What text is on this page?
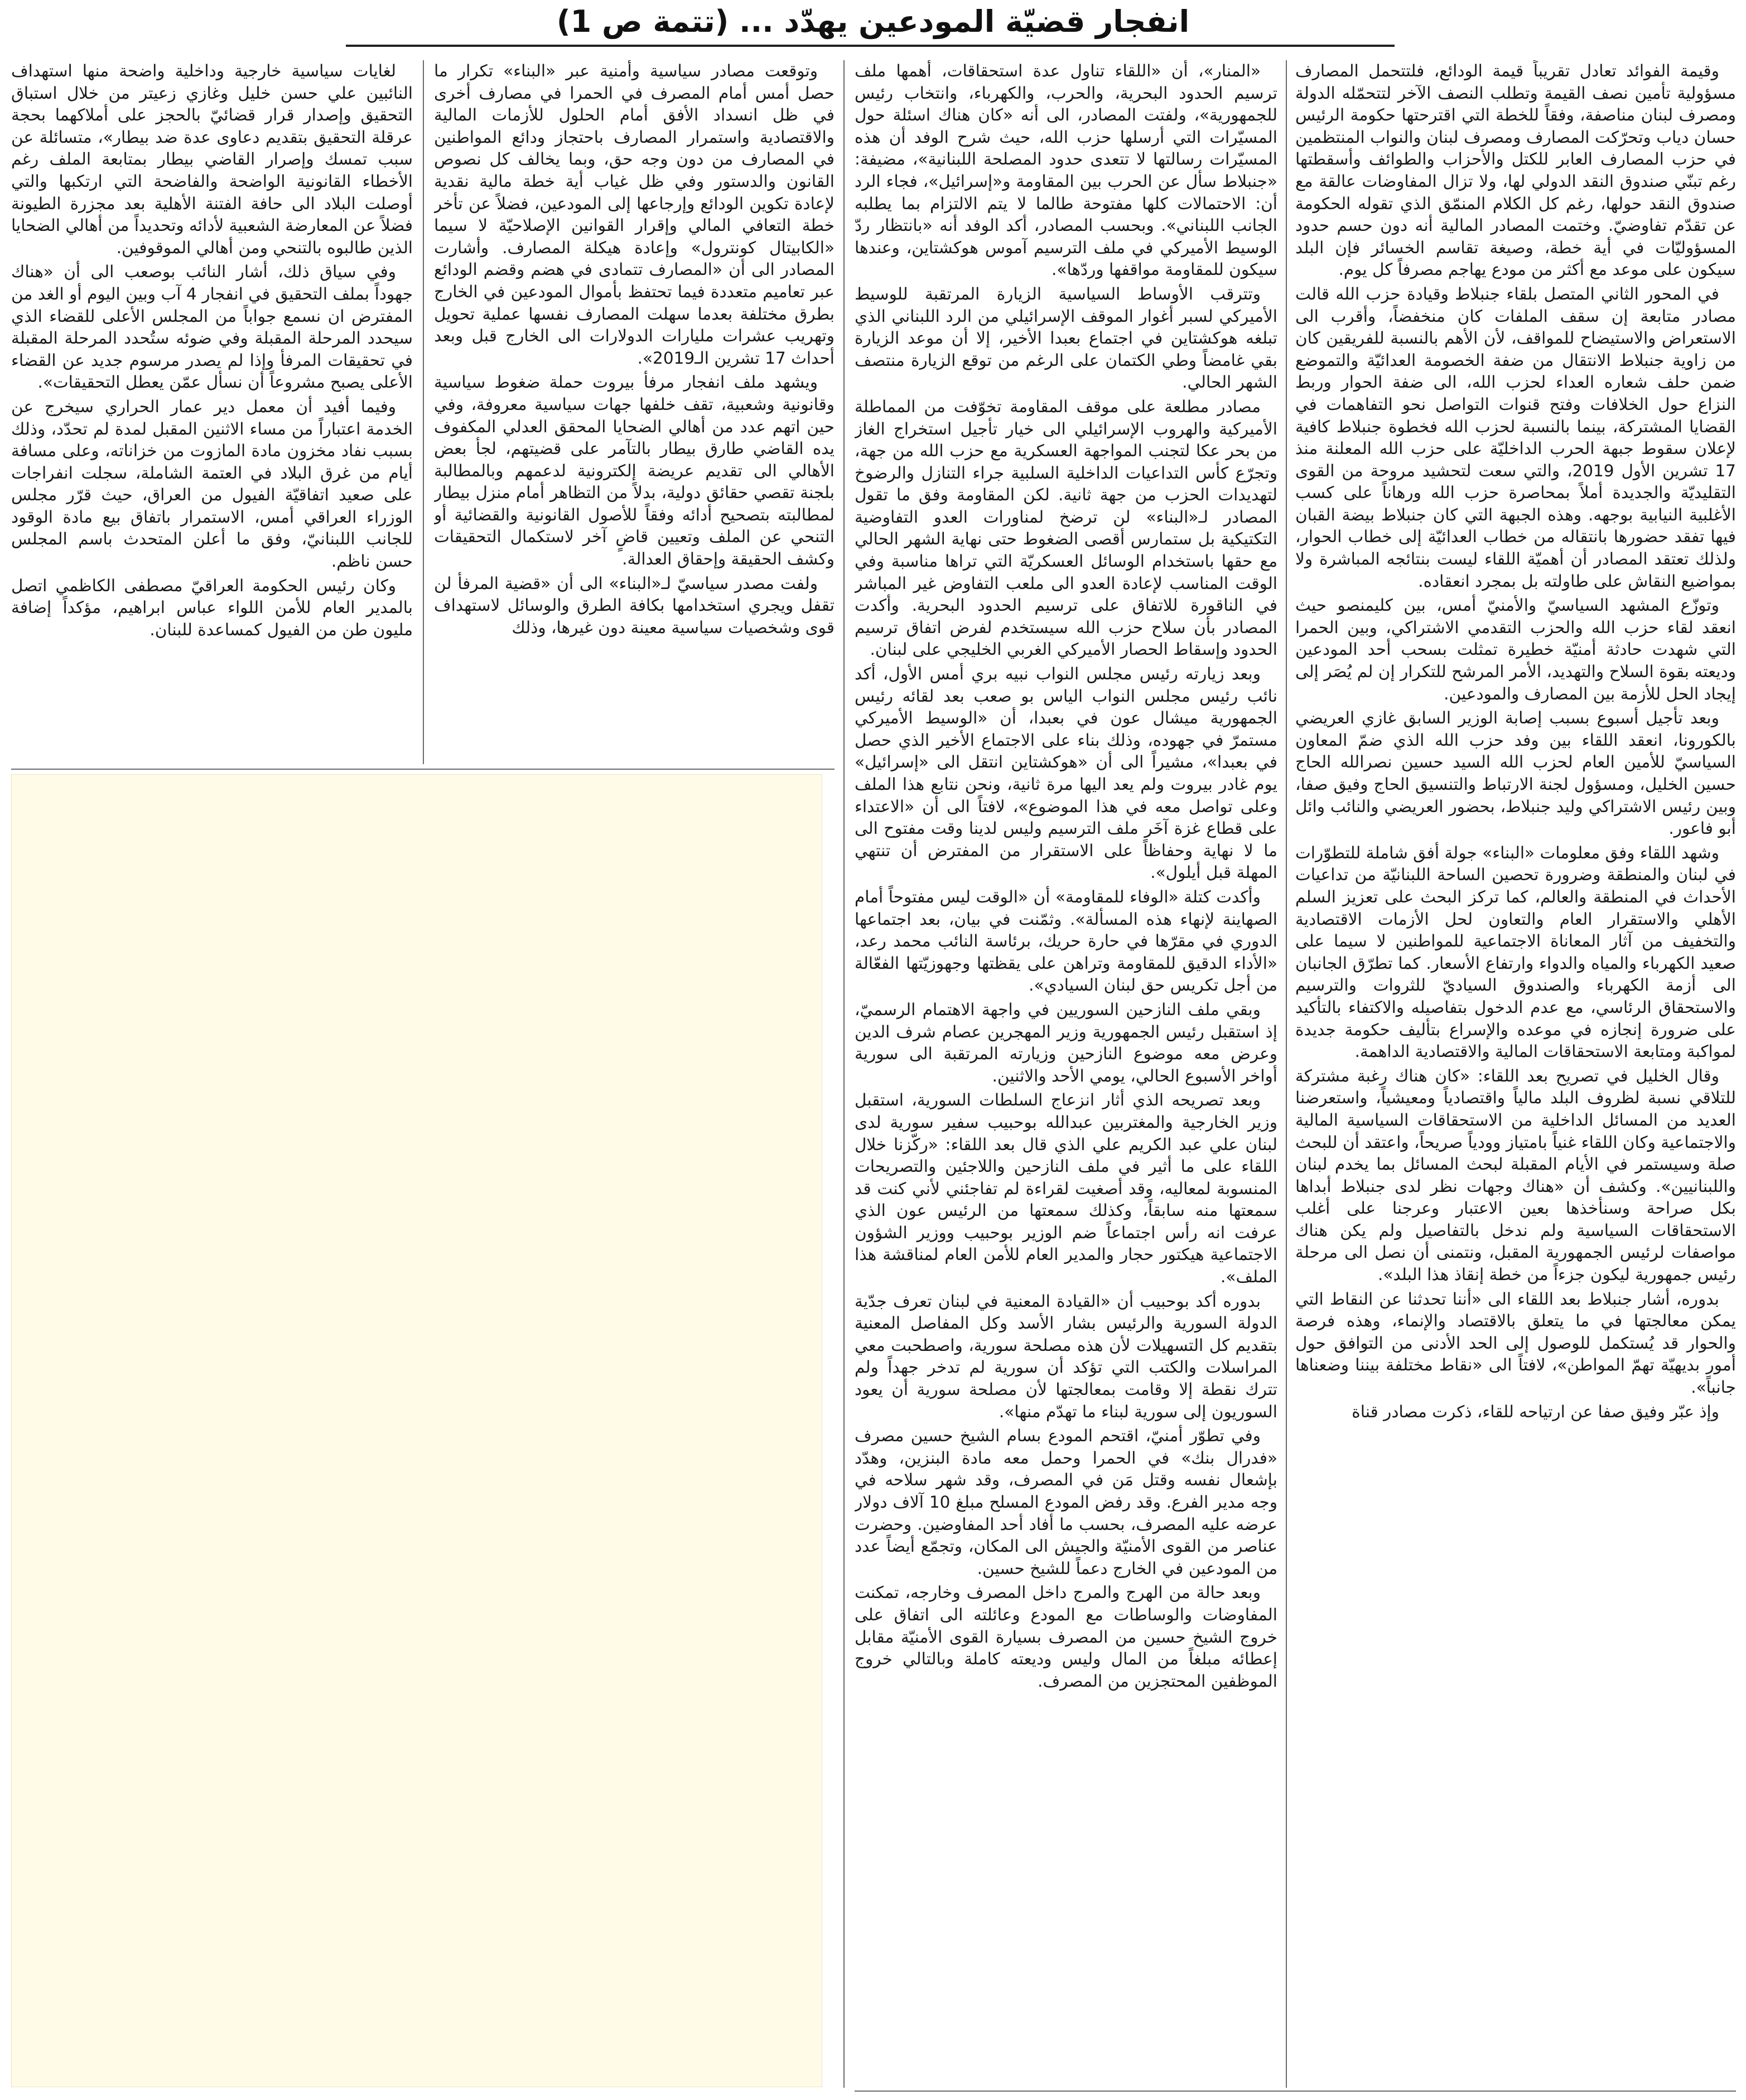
انفجار قضيّة المودعين يهدّد ... (تتمة ص 1)

وقيمة الفوائد تعادل تقريباً قيمة الودائع، فلتتحمل المصارف مسؤولية تأمين نصف القيمة وتطلب النصف الآخر لتتحمّله الدولة ومصرف لبنان مناصفة، وفقاً للخطة التي اقترحتها حكومة الرئيس حسان دياب وتحرّكت المصارف ومصرف لبنان والنواب المنتظمين في حزب المصارف العابر للكتل والأحزاب والطوائف وأسقطتها رغم تبنّي صندوق النقد الدولي لها، ولا تزال المفاوضات عالقة مع صندوق النقد حولها، رغم كل الكلام المنمّق الذي تقوله الحكومة عن تقدّم تفاوضيّ. وختمت المصادر المالية أنه دون حسم حدود المسؤوليّات في أية خطة، وصيغة تقاسم الخسائر فإن البلد سيكون على موعد مع أكثر من مودع يهاجم مصرفاً كل يوم.

في المحور الثاني المتصل بلقاء جنبلاط وقيادة حزب الله قالت مصادر متابعة إن سقف الملفات كان منخفضاً، وأقرب الى الاستعراض والاستيضاح للمواقف، لأن الأهم بالنسبة للفريقين كان من زاوية جنبلاط الانتقال من ضفة الخصومة العدائيّة والتموضع ضمن حلف شعاره العداء لحزب الله، الى ضفة الحوار وربط النزاع حول الخلافات وفتح قنوات التواصل نحو التفاهمات في القضايا المشتركة، بينما بالنسبة لحزب الله فخطوة جنبلاط كافية لإعلان سقوط جبهة الحرب الداخليّة على حزب الله المعلنة منذ 17 تشرين الأول 2019، والتي سعت لتحشيد مروحة من القوى التقليديّة والجديدة أملاً بمحاصرة حزب الله ورهاناً على كسب الأغلبية النيابية بوجهه. وهذه الجبهة التي كان جنبلاط بيضة القبان فيها تفقد حضورها بانتقاله من خطاب العدائيّة إلى خطاب الحوار، ولذلك تعتقد المصادر أن أهميّة اللقاء ليست بنتائجه المباشرة ولا بمواضيع النقاش على طاولته بل بمجرد انعقاده.

وتوزّع المشهد السياسيّ والأمنيّ أمس، بين كليمنصو حيث انعقد لقاء حزب الله والحزب التقدمي الاشتراكي، وبين الحمرا التي شهدت حادثة أمنيّة خطيرة تمثلت بسحب أحد المودعين وديعته بقوة السلاح والتهديد، الأمر المرشح للتكرار إن لم يُصَر إلى إيجاد الحل للأزمة بين المصارف والمودعين.

وبعد تأجيل أسبوع بسبب إصابة الوزير السابق غازي العريضي بالكورونا، انعقد اللقاء بين وفد حزب الله الذي ضمّ المعاون السياسيّ للأمين العام لحزب الله السيد حسين نصرالله الحاج حسين الخليل، ومسؤول لجنة الارتباط والتنسيق الحاج وفيق صفا، وبين رئيس الاشتراكي وليد جنبلاط، بحضور العريضي والنائب وائل أبو فاعور.

وشهد اللقاء وفق معلومات «البناء» جولة أفق شاملة للتطوّرات في لبنان والمنطقة وضرورة تحصين الساحة اللبنانيّة من تداعيات الأحداث في المنطقة والعالم، كما تركز البحث على تعزيز السلم الأهلي والاستقرار العام والتعاون لحل الأزمات الاقتصادية والتخفيف من آثار المعاناة الاجتماعية للمواطنين لا سيما على صعيد الكهرباء والمياه والدواء وارتفاع الأسعار. كما تطرّق الجانبان الى أزمة الكهرباء والصندوق السياديّ للثروات والترسيم والاستحقاق الرئاسي، مع عدم الدخول بتفاصيله والاكتفاء بالتأكيد على ضرورة إنجازه في موعده والإسراع بتأليف حكومة جديدة لمواكبة ومتابعة الاستحقاقات المالية والاقتصادية الداهمة.

وقال الخليل في تصريح بعد اللقاء: «كان هناك رغبة مشتركة للتلاقي نسبة لظروف البلد مالياً واقتصادياً ومعيشياً، واستعرضنا العديد من المسائل الداخلية من الاستحقاقات السياسية المالية والاجتماعية وكان اللقاء غنياً بامتياز وودياً صريحاً، واعتقد أن للبحث صلة وسيستمر في الأيام المقبلة لبحث المسائل بما يخدم لبنان واللبنانيين». وكشف أن «هناك وجهات نظر لدى جنبلاط أبداها بكل صراحة وسنأخذها بعين الاعتبار وعرجنا على أغلب الاستحقاقات السياسية ولم ندخل بالتفاصيل ولم يكن هناك مواصفات لرئيس الجمهورية المقبل، ونتمنى أن نصل الى مرحلة رئيس جمهورية ليكون جزءاً من خطة إنقاذ هذا البلد».

بدوره، أشار جنبلاط بعد اللقاء الى «أننا تحدثنا عن النقاط التي يمكن معالجتها في ما يتعلق بالاقتصاد والإنماء، وهذه فرصة والحوار قد يُستكمل للوصول إلى الحد الأدنى من التوافق حول أمور بديهيّة تهمّ المواطن»، لافتاً الى «نقاط مختلفة بيننا وضعناها جانباً».

وإذ عبّر وفيق صفا عن ارتياحه للقاء، ذكرت مصادر قناة

«المنار»، أن «اللقاء تناول عدة استحقاقات، أهمها ملف ترسيم الحدود البحرية، والحرب، والكهرباء، وانتخاب رئيس للجمهورية»، ولفتت المصادر، الى أنه «كان هناك اسئلة حول المسيّرات التي أرسلها حزب الله، حيث شرح الوفد أن هذه المسيّرات رسالتها لا تتعدى حدود المصلحة اللبنانية»، مضيفة: «جنبلاط سأل عن الحرب بين المقاومة و«إسرائيل»، فجاء الرد أن: الاحتمالات كلها مفتوحة طالما لا يتم الالتزام بما يطلبه الجانب اللبناني». وبحسب المصادر، أكد الوفد أنه «بانتظار ردّ الوسيط الأميركي في ملف الترسيم آموس هوكشتاين، وعندها سيكون للمقاومة مواقفها وردّها».

وتترقب الأوساط السياسية الزيارة المرتقبة للوسيط الأميركي لسبر أغوار الموقف الإسرائيلي من الرد اللبناني الذي تبلغه هوكشتاين في اجتماع بعبدا الأخير، إلا أن موعد الزيارة بقي غامضاً وطي الكتمان على الرغم من توقع الزيارة منتصف الشهر الحالي.

مصادر مطلعة على موقف المقاومة تخوّفت من المماطلة الأميركية والهروب الإسرائيلي الى خيار تأجيل استخراج الغاز من بحر عكا لتجنب المواجهة العسكرية مع حزب الله من جهة، وتجرّع كأس التداعيات الداخلية السلبية جراء التنازل والرضوخ لتهديدات الحزب من جهة ثانية. لكن المقاومة وفق ما تقول المصادر لـ«البناء» لن ترضخ لمناورات العدو التفاوضية التكتيكية بل ستمارس أقصى الضغوط حتى نهاية الشهر الحالي مع حقها باستخدام الوسائل العسكريّة التي تراها مناسبة وفي الوقت المناسب لإعادة العدو الى ملعب التفاوض غير المباشر في الناقورة للاتفاق على ترسيم الحدود البحرية. وأكدت المصادر بأن سلاح حزب الله سيستخدم لفرض اتفاق ترسيم الحدود وإسقاط الحصار الأميركي الغربي الخليجي على لبنان.

وبعد زيارته رئيس مجلس النواب نبيه بري أمس الأول، أكد نائب رئيس مجلس النواب الياس بو صعب بعد لقائه رئيس الجمهورية ميشال عون في بعبدا، أن «الوسيط الأميركي مستمرّ في جهوده، وذلك بناء على الاجتماع الأخير الذي حصل في بعبدا»، مشيراً الى أن «هوكشتاين انتقل الى «إسرائيل» يوم غادر بيروت ولم يعد اليها مرة ثانية، ونحن نتابع هذا الملف وعلى تواصل معه في هذا الموضوع»، لافتاً الى أن «الاعتداء على قطاع غزة آخَر ملف الترسيم وليس لدينا وقت مفتوح الى ما لا نهاية وحفاظاً على الاستقرار من المفترض أن تنتهي المهلة قبل أيلول».

وأكدت كتلة «الوفاء للمقاومة» أن «الوقت ليس مفتوحاً أمام الصهاينة لإنهاء هذه المسألة». وثمّنت في بيان، بعد اجتماعها الدوري في مقرّها في حارة حريك، برئاسة النائب محمد رعد، «الأداء الدقيق للمقاومة وتراهن على يقظتها وجهوزيّتها الفعّالة من أجل تكريس حق لبنان السيادي».

وبقي ملف النازحين السوريين في واجهة الاهتمام الرسميّ، إذ استقبل رئيس الجمهورية وزير المهجرين عصام شرف الدين وعرض معه موضوع النازحين وزيارته المرتقبة الى سورية أواخر الأسبوع الحالي، يومي الأحد والاثنين.

وبعد تصريحه الذي أثار انزعاج السلطات السورية، استقبل وزير الخارجية والمغتربين عبدالله بوحبيب سفير سورية لدى لبنان علي عبد الكريم علي الذي قال بعد اللقاء: «ركّزنا خلال اللقاء على ما أثير في ملف النازحين واللاجئين والتصريحات المنسوبة لمعاليه، وقد أصغيت لقراءة لم تفاجئني لأني كنت قد سمعتها منه سابقاً، وكذلك سمعتها من الرئيس عون الذي عرفت انه رأس اجتماعاً ضم الوزير بوحبيب ووزير الشؤون الاجتماعية هيكتور حجار والمدير العام للأمن العام لمناقشة هذا الملف».

بدوره أكد بوحبيب أن «القيادة المعنية في لبنان تعرف جدّية الدولة السورية والرئيس بشار الأسد وكل المفاصل المعنية بتقديم كل التسهيلات لأن هذه مصلحة سورية، واصطحبت معي المراسلات والكتب التي تؤكد أن سورية لم تدخر جهداً ولم تترك نقطة إلا وقامت بمعالجتها لأن مصلحة سورية أن يعود السوريون إلى سورية لبناء ما تهدّم منها».

وفي تطوّر أمنيّ، اقتحم المودع بسام الشيخ حسين مصرف «فدرال بنك» في الحمرا وحمل معه مادة البنزين، وهدّد بإشعال نفسه وقتل مَن في المصرف، وقد شهر سلاحه في وجه مدير الفرع. وقد رفض المودع المسلح مبلغ 10 آلاف دولار عرضه عليه المصرف، بحسب ما أفاد أحد المفاوضين. وحضرت عناصر من القوى الأمنيّة والجيش الى المكان، وتجمّع أيضاً عدد من المودعين في الخارج دعماً للشيخ حسين.

وبعد حالة من الهرج والمرج داخل المصرف وخارجه، تمكنت المفاوضات والوساطات مع المودع وعائلته الى اتفاق على خروج الشيخ حسين من المصرف بسيارة القوى الأمنيّة مقابل إعطائه مبلغاً من المال وليس وديعته كاملة وبالتالي خروج الموظفين المحتجزين من المصرف.

وتوقعت مصادر سياسية وأمنية عبر «البناء» تكرار ما حصل أمس أمام المصرف في الحمرا في مصارف أخرى في ظل انسداد الأفق أمام الحلول للأزمات المالية والاقتصادية واستمرار المصارف باحتجاز ودائع المواطنين في المصارف من دون وجه حق، وبما يخالف كل نصوص القانون والدستور وفي ظل غياب أية خطة مالية نقدية لإعادة تكوين الودائع وإرجاعها إلى المودعين، فضلاً عن تأخر خطة التعافي المالي وإقرار القوانين الإصلاحيّة لا سيما «الكابيتال كونترول» وإعادة هيكلة المصارف. وأشارت المصادر الى أن «المصارف تتمادى في هضم وقضم الودائع عبر تعاميم متعددة فيما تحتفظ بأموال المودعين في الخارج بطرق مختلفة بعدما سهلت المصارف نفسها عملية تحويل وتهريب عشرات مليارات الدولارات الى الخارج قبل وبعد أحداث 17 تشرين الـ2019».

ويشهد ملف انفجار مرفأ بيروت حملة ضغوط سياسية وقانونية وشعبية، تقف خلفها جهات سياسية معروفة، وفي حين اتهم عدد من أهالي الضحايا المحقق العدلي المكفوف يده القاضي طارق بيطار بالتآمر على قضيتهم، لجأ بعض الأهالي الى تقديم عريضة إلكترونية لدعمهم وبالمطالبة بلجنة تقصي حقائق دولية، بدلاً من التظاهر أمام منزل بيطار لمطالبته بتصحيح أدائه وفقاً للأصول القانونية والقضائية أو التنحي عن الملف وتعيين قاضٍ آخر لاستكمال التحقيقات وكشف الحقيقة وإحقاق العدالة.

ولفت مصدر سياسيّ لـ«البناء» الى أن «قضية المرفأ لن تقفل ويجري استخدامها بكافة الطرق والوسائل لاستهداف قوى وشخصيات سياسية معينة دون غيرها، وذلك

لغايات سياسية خارجية وداخلية واضحة منها استهداف النائبين علي حسن خليل وغازي زعيتر من خلال استباق التحقيق وإصدار قرار قضائيّ بالحجز على أملاكهما بحجة عرقلة التحقيق بتقديم دعاوى عدة ضد بيطار»، متسائلة عن سبب تمسك وإصرار القاضي بيطار بمتابعة الملف رغم الأخطاء القانونية الواضحة والفاضحة التي ارتكبها والتي أوصلت البلاد الى حافة الفتنة الأهلية بعد مجزرة الطيونة فضلاً عن المعارضة الشعبية لأدائه وتحديداً من أهالي الضحايا الذين طالبوه بالتنحي ومن أهالي الموقوفين.

وفي سياق ذلك، أشار النائب بوصعب الى أن «هناك جهوداً بملف التحقيق في انفجار 4 آب وبين اليوم أو الغد من المفترض ان نسمع جواباً من المجلس الأعلى للقضاء الذي سيحدد المرحلة المقبلة وفي ضوئه ستُحدد المرحلة المقبلة في تحقيقات المرفأ وإذا لم يصدر مرسوم جديد عن القضاء الأعلى يصبح مشروعاً أن نسأل عمّن يعطل التحقيقات».

وفيما أفيد أن معمل دير عمار الحراري سيخرج عن الخدمة اعتباراً من مساء الاثنين المقبل لمدة لم تحدّد، وذلك بسبب نفاد مخزون مادة المازوت من خزاناته، وعلى مسافة أيام من غرق البلاد في العتمة الشاملة، سجلت انفراجات على صعيد اتفاقيّة الفيول من العراق، حيث قرّر مجلس الوزراء العراقي أمس، الاستمرار باتفاق بيع مادة الوقود للجانب اللبنانيّ، وفق ما أعلن المتحدث باسم المجلس حسن ناظم.

وكان رئيس الحكومة العراقيّ مصطفى الكاظمي اتصل بالمدير العام للأمن اللواء عباس ابراهيم، مؤكداً إضافة مليون طن من الفيول كمساعدة للبنان.
